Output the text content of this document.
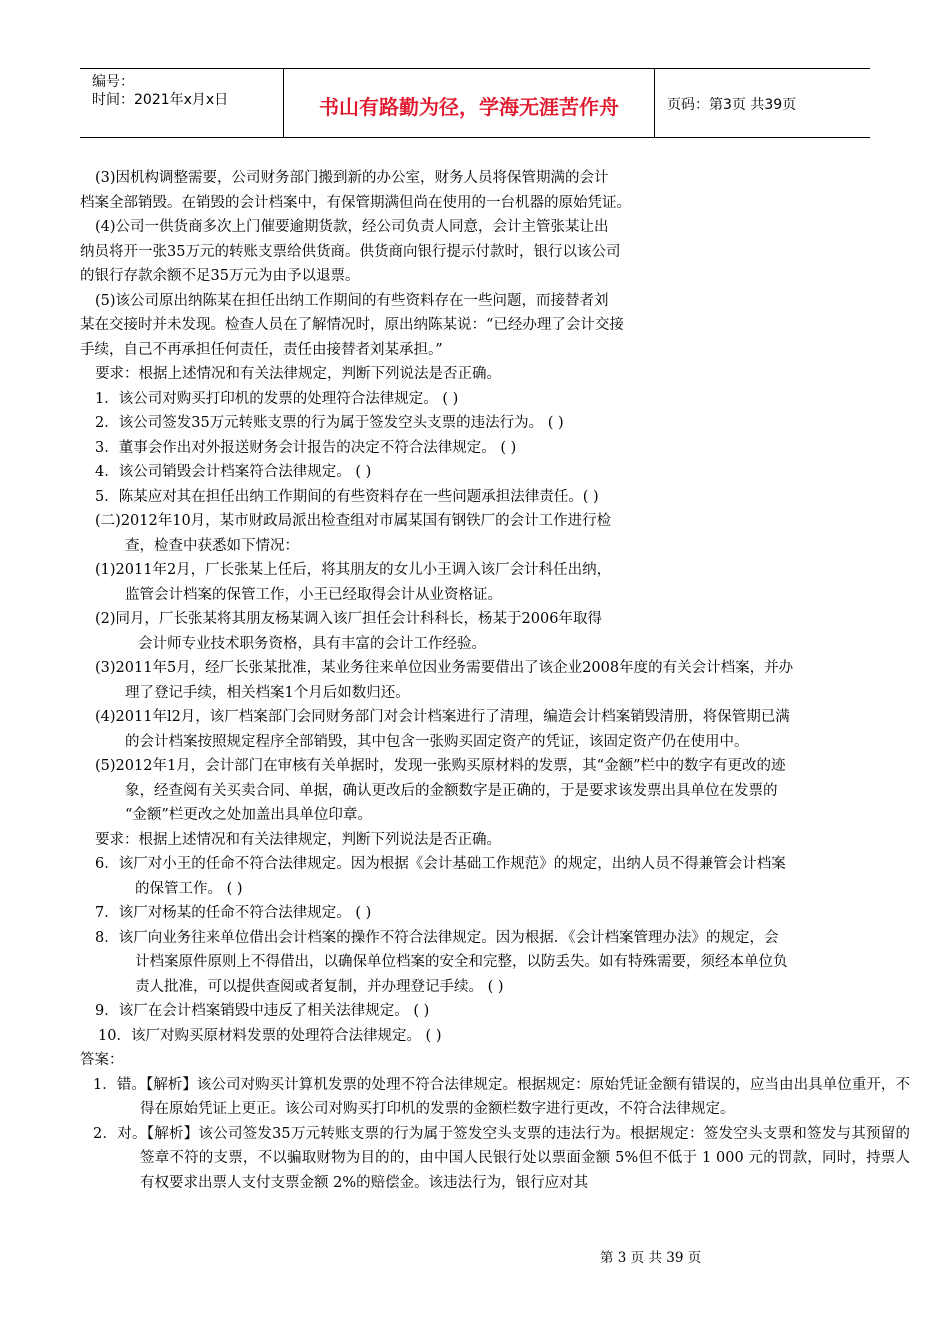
编号：
时间：2021年x月x日	书山有路勤为径，学海无涯苦作舟	页码：第3页 共39页

(3)因机构调整需要，公司财务部门搬到新的办公室，财务人员将保管期满的会计

档案全部销毁。在销毁的会计档案中，有保管期满但尚在使用的一台机器的原始凭证。

(4)公司一供货商多次上门催要逾期货款，经公司负责人同意，会计主管张某让出

纳员将开一张35万元的转账支票给供货商。供货商向银行提示付款时，银行以该公司

的银行存款余额不足35万元为由予以退票。

(5)该公司原出纳陈某在担任出纳工作期间的有些资料存在一些问题，而接替者刘

某在交接时并未发现。检查人员在了解情况时，原出纳陈某说：“已经办理了会计交接

手续，自己不再承担任何责任，责任由接替者刘某承担。”

要求：根据上述情况和有关法律规定，判断下列说法是否正确。

1．该公司对购买打印机的发票的处理符合法律规定。 ( )

2．该公司签发35万元转账支票的行为属于签发空头支票的违法行为。 ( )

3．董事会作出对外报送财务会计报告的决定不符合法律规定。 ( )

4．该公司销毁会计档案符合法律规定。 ( )

5．陈某应对其在担任出纳工作期间的有些资料存在一些问题承担法律责任。( )

(二)2012年10月，某市财政局派出检查组对市属某国有钢铁厂的会计工作进行检

查，检查中获悉如下情况：

(1)2011年2月，厂长张某上任后，将其朋友的女儿小王调入该厂会计科任出纳，

监管会计档案的保管工作，小王已经取得会计从业资格证。

(2)同月，厂长张某将其朋友杨某调入该厂担任会计科科长，杨某于2006年取得

会计师专业技术职务资格，具有丰富的会计工作经验。

(3)2011年5月，经厂长张某批准，某业务往来单位因业务需要借出了该企业2008年度的有关会计档案，并办

理了登记手续，相关档案1个月后如数归还。

(4)2011年l2月，该厂档案部门会同财务部门对会计档案进行了清理，编造会计档案销毁清册，将保管期已满

的会计档案按照规定程序全部销毁，其中包含一张购买固定资产的凭证，该固定资产仍在使用中。

(5)2012年1月，会计部门在审核有关单据时，发现一张购买原材料的发票，其“金额”栏中的数字有更改的迹

象，经查阅有关买卖合同、单据，确认更改后的金额数字是正确的，于是要求该发票出具单位在发票的

“金额”栏更改之处加盖出具单位印章。

要求：根据上述情况和有关法律规定，判断下列说法是否正确。

6．该厂对小王的任命不符合法律规定。因为根据《会计基础工作规范》的规定，出纳人员不得兼管会计档案

的保管工作。 ( )

7．该厂对杨某的任命不符合法律规定。 ( )

8．该厂向业务往来单位借出会计档案的操作不符合法律规定。因为根据．《会计档案管理办法》的规定，会

计档案原件原则上不得借出，以确保单位档案的安全和完整，以防丢失。如有特殊需要，须经本单位负

责人批准，可以提供查阅或者复制，并办理登记手续。 ( )

9．该厂在会计档案销毁中违反了相关法律规定。 ( )

10．该厂对购买原材料发票的处理符合法律规定。 ( )

答案：

1．错。【解析】该公司对购买计算机发票的处理不符合法律规定。根据规定：原始凭证金额有错误的，应当由出具单位重开，不得在原始凭证上更正。该公司对购买打印机的发票的金额栏数字进行更改，不符合法律规定。

2．对。【解析】该公司签发35万元转账支票的行为属于签发空头支票的违法行为。根据规定：签发空头支票和签发与其预留的签章不符的支票，不以骗取财物为目的的，由中国人民银行处以票面金额 5%但不低于 1 000 元的罚款，同时，持票人有权要求出票人支付支票金额 2%的赔偿金。该违法行为，银行应对其

第 3 页 共 39 页
